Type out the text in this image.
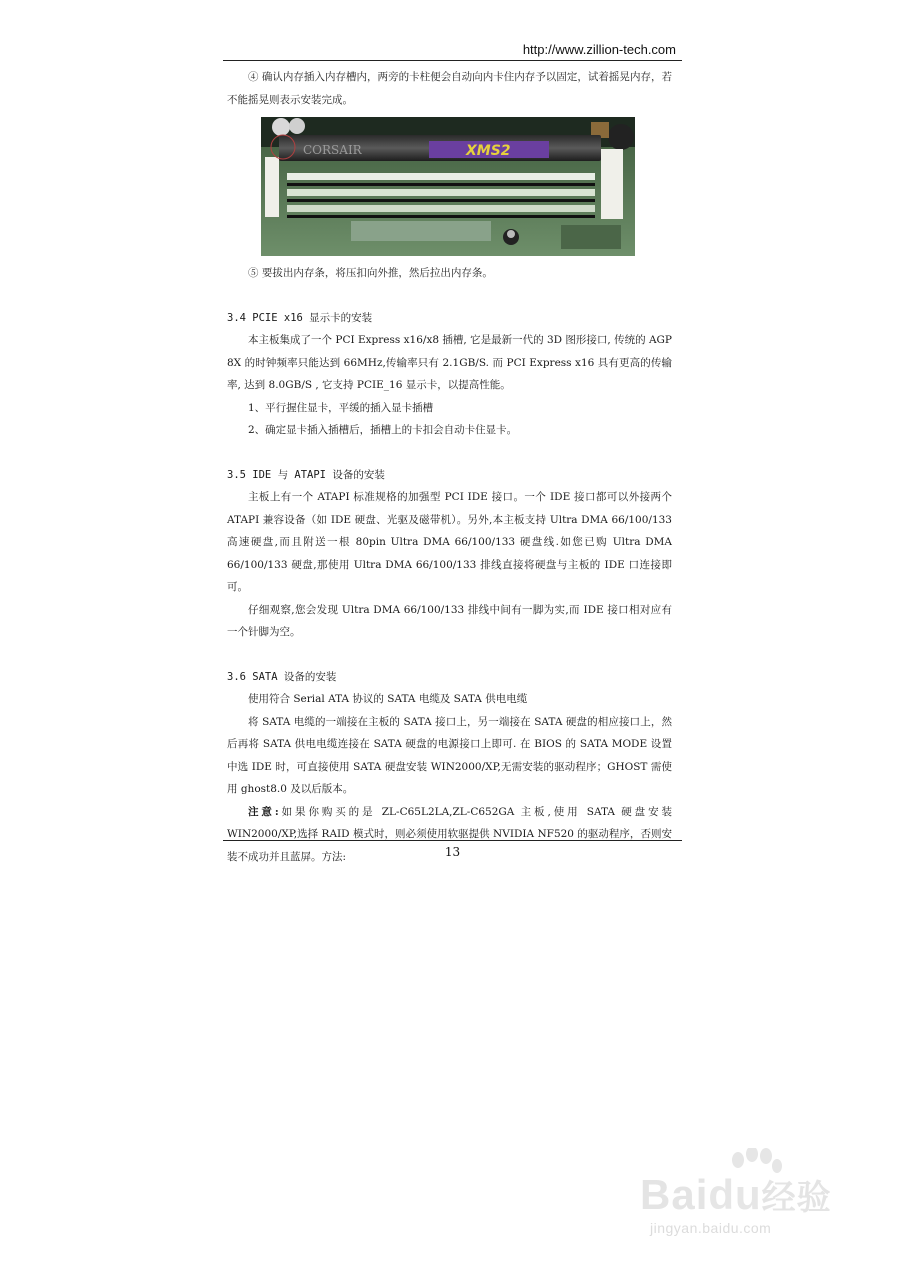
http://www.zillion-tech.com

④ 确认内存插入内存槽内，两旁的卡柱便会自动向内卡住内存予以固定，试着摇晃内存，若不能摇晃则表示安装完成。

CORSAIR	XMS2

⑤ 要拔出内存条，将压扣向外推，然后拉出内存条。

3.4 PCIE x16 显示卡的安装

本主板集成了一个 PCI Express x16/x8 插槽, 它是最新一代的 3D 图形接口, 传统的 AGP 8X 的时钟频率只能达到 66MHz,传输率只有 2.1GB/S. 而 PCI Express x16 具有更高的传输率, 达到 8.0GB/S , 它支持 PCIE_16 显示卡，以提高性能。

1、平行握住显卡，平缓的插入显卡插槽

2、确定显卡插入插槽后，插槽上的卡扣会自动卡住显卡。

3.5 IDE 与 ATAPI 设备的安装

主板上有一个 ATAPI 标准规格的加强型 PCI IDE 接口。一个 IDE 接口都可以外接两个 ATAPI 兼容设备（如 IDE 硬盘、光驱及磁带机）。另外,本主板支持 Ultra DMA 66/100/133 高速硬盘,而且附送一根 80pin Ultra DMA 66/100/133 硬盘线.如您已购 Ultra DMA 66/100/133 硬盘,那使用 Ultra DMA 66/100/133 排线直接将硬盘与主板的 IDE 口连接即可。

仔细观察,您会发现 Ultra DMA 66/100/133 排线中间有一脚为实,而 IDE 接口相对应有一个针脚为空。

3.6 SATA 设备的安装

使用符合 Serial ATA 协议的 SATA 电缆及 SATA 供电电缆

将 SATA 电缆的一端接在主板的 SATA 接口上，另一端接在 SATA 硬盘的相应接口上，然后再将 SATA 供电电缆连接在 SATA 硬盘的电源接口上即可. 在 BIOS 的 SATA MODE 设置中选 IDE 时，可直接使用 SATA 硬盘安装 WIN2000/XP,无需安装的驱动程序；GHOST 需使用 ghost8.0 及以后版本。

注意:如果你购买的是 ZL-C65L2LA,ZL-C652GA 主板,使用 SATA 硬盘安装 WIN2000/XP,选择 RAID 模式时，则必须使用软驱提供 NVIDIA NF520 的驱动程序，否则安装不成功并且蓝屏。方法:	13
Baidu经验
jingyan.baidu.com
